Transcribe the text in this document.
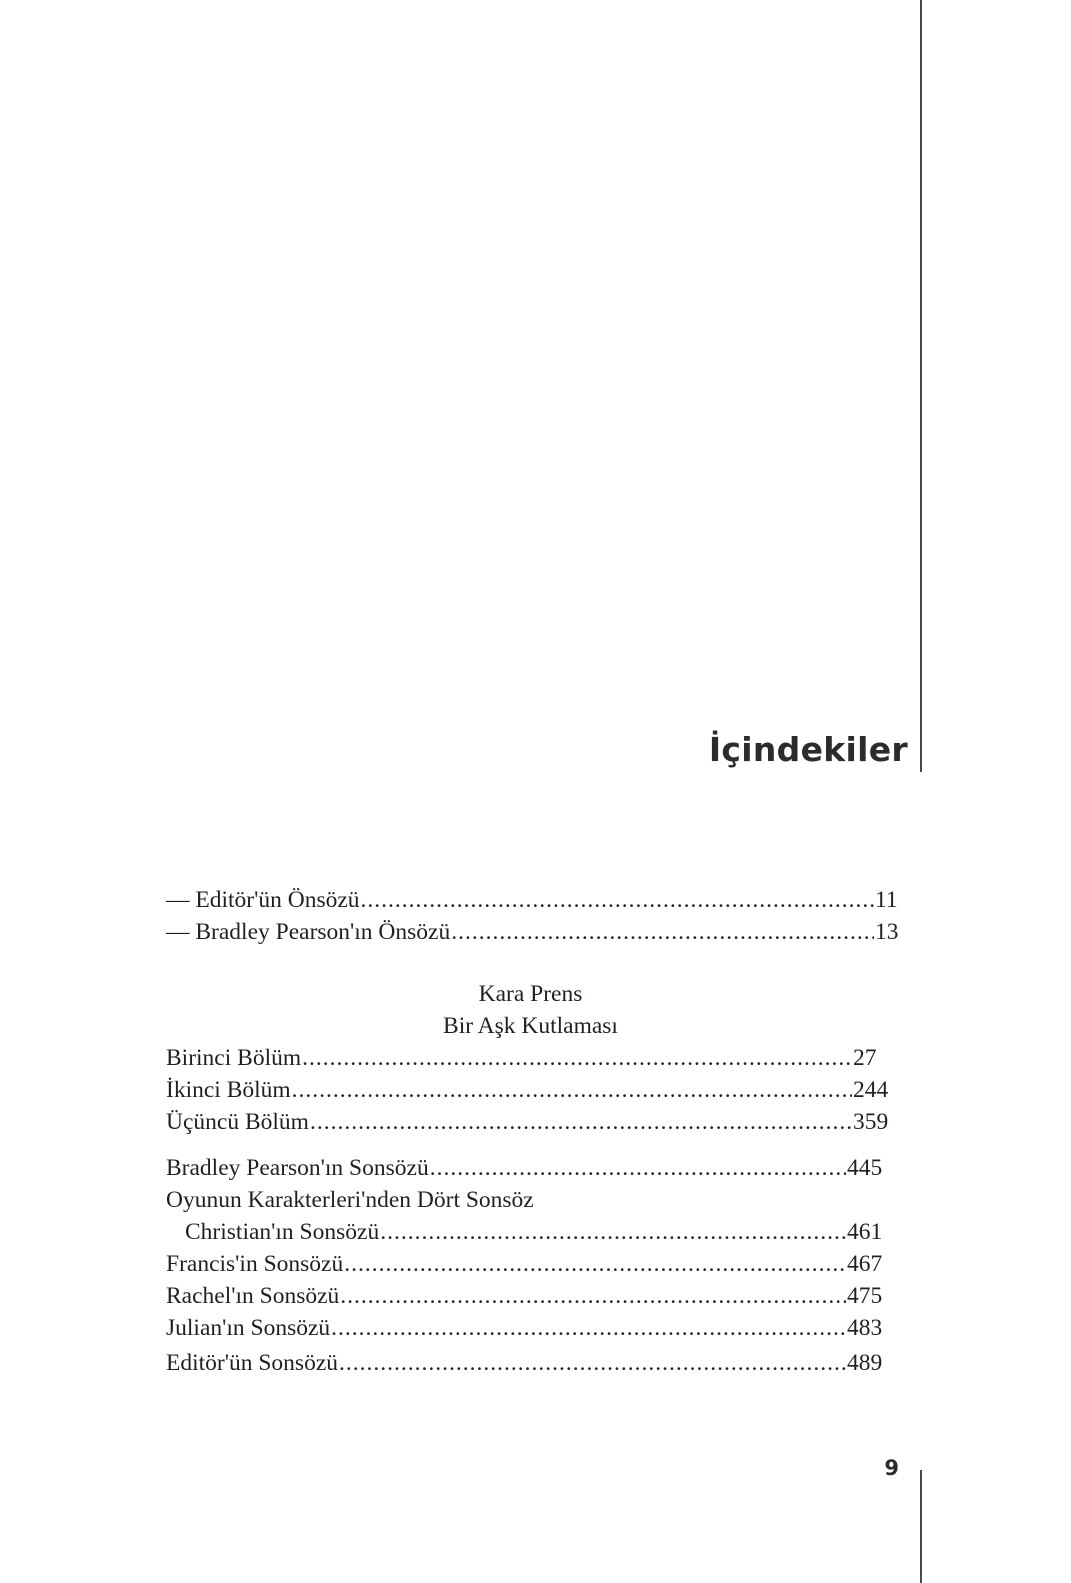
İçindekiler
— Editör'ün Önsözü .....	11
— Bradley Pearson'ın Önsözü .....	13
Kara Prens
Bir Aşk Kutlaması
Birinci Bölüm .....	27
İkinci Bölüm .....	244
Üçüncü Bölüm .....	359
Bradley Pearson'ın Sonsözü .....	445
Oyunun Karakterleri'nden Dört Sonsöz
Christian'ın Sonsözü .....	461
Francis'in Sonsözü .....	467
Rachel'ın Sonsözü .....	475
Julian'ın Sonsözü .....	483
Editör'ün Sonsözü .....	489
9
